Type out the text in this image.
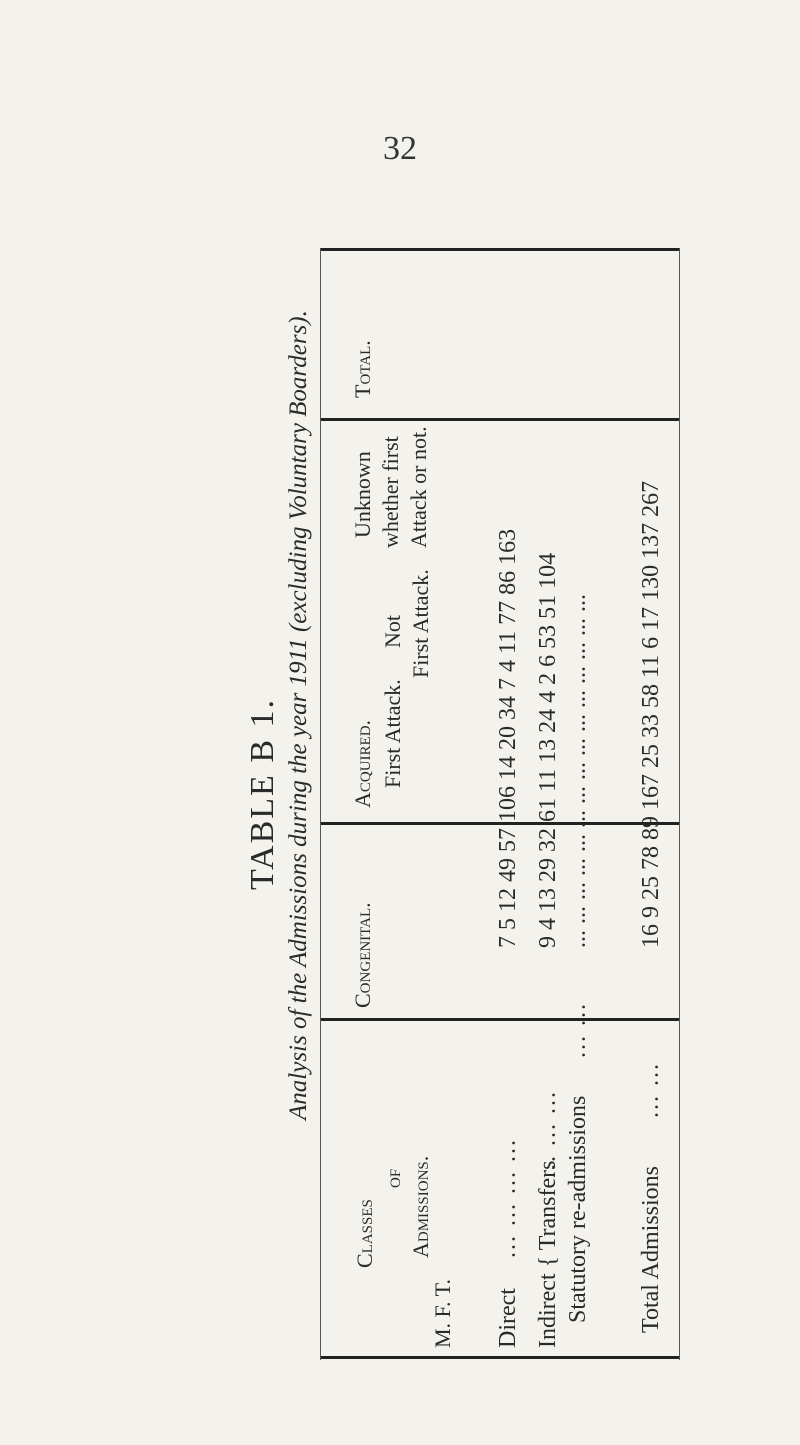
32
TABLE B 1. Analysis of the Admissions during the year 1911 (excluding Voluntary Boarders).
Classes
of Admissions.
Congenital.
Acquired. First Attack.
Not First Attack.
Unknown whether first Attack or not.
Total.
M. F. T. Direct
... ... ... ...
7 5 12 49 57 106 14 20 34 7 4 11 77 86 163
Indirect { Transfers
... ... ...
9 4 13 29 32 61 11 13 24 4 2 6 53 51 104
Statutory re-admissions
... ...
... ... ... ... ... ... ... ... ... ... ... ... ... ... ...
Total Admissions
... ...
16 9 25 78 89 167 25 33 58 11 6 17 130 137 267
